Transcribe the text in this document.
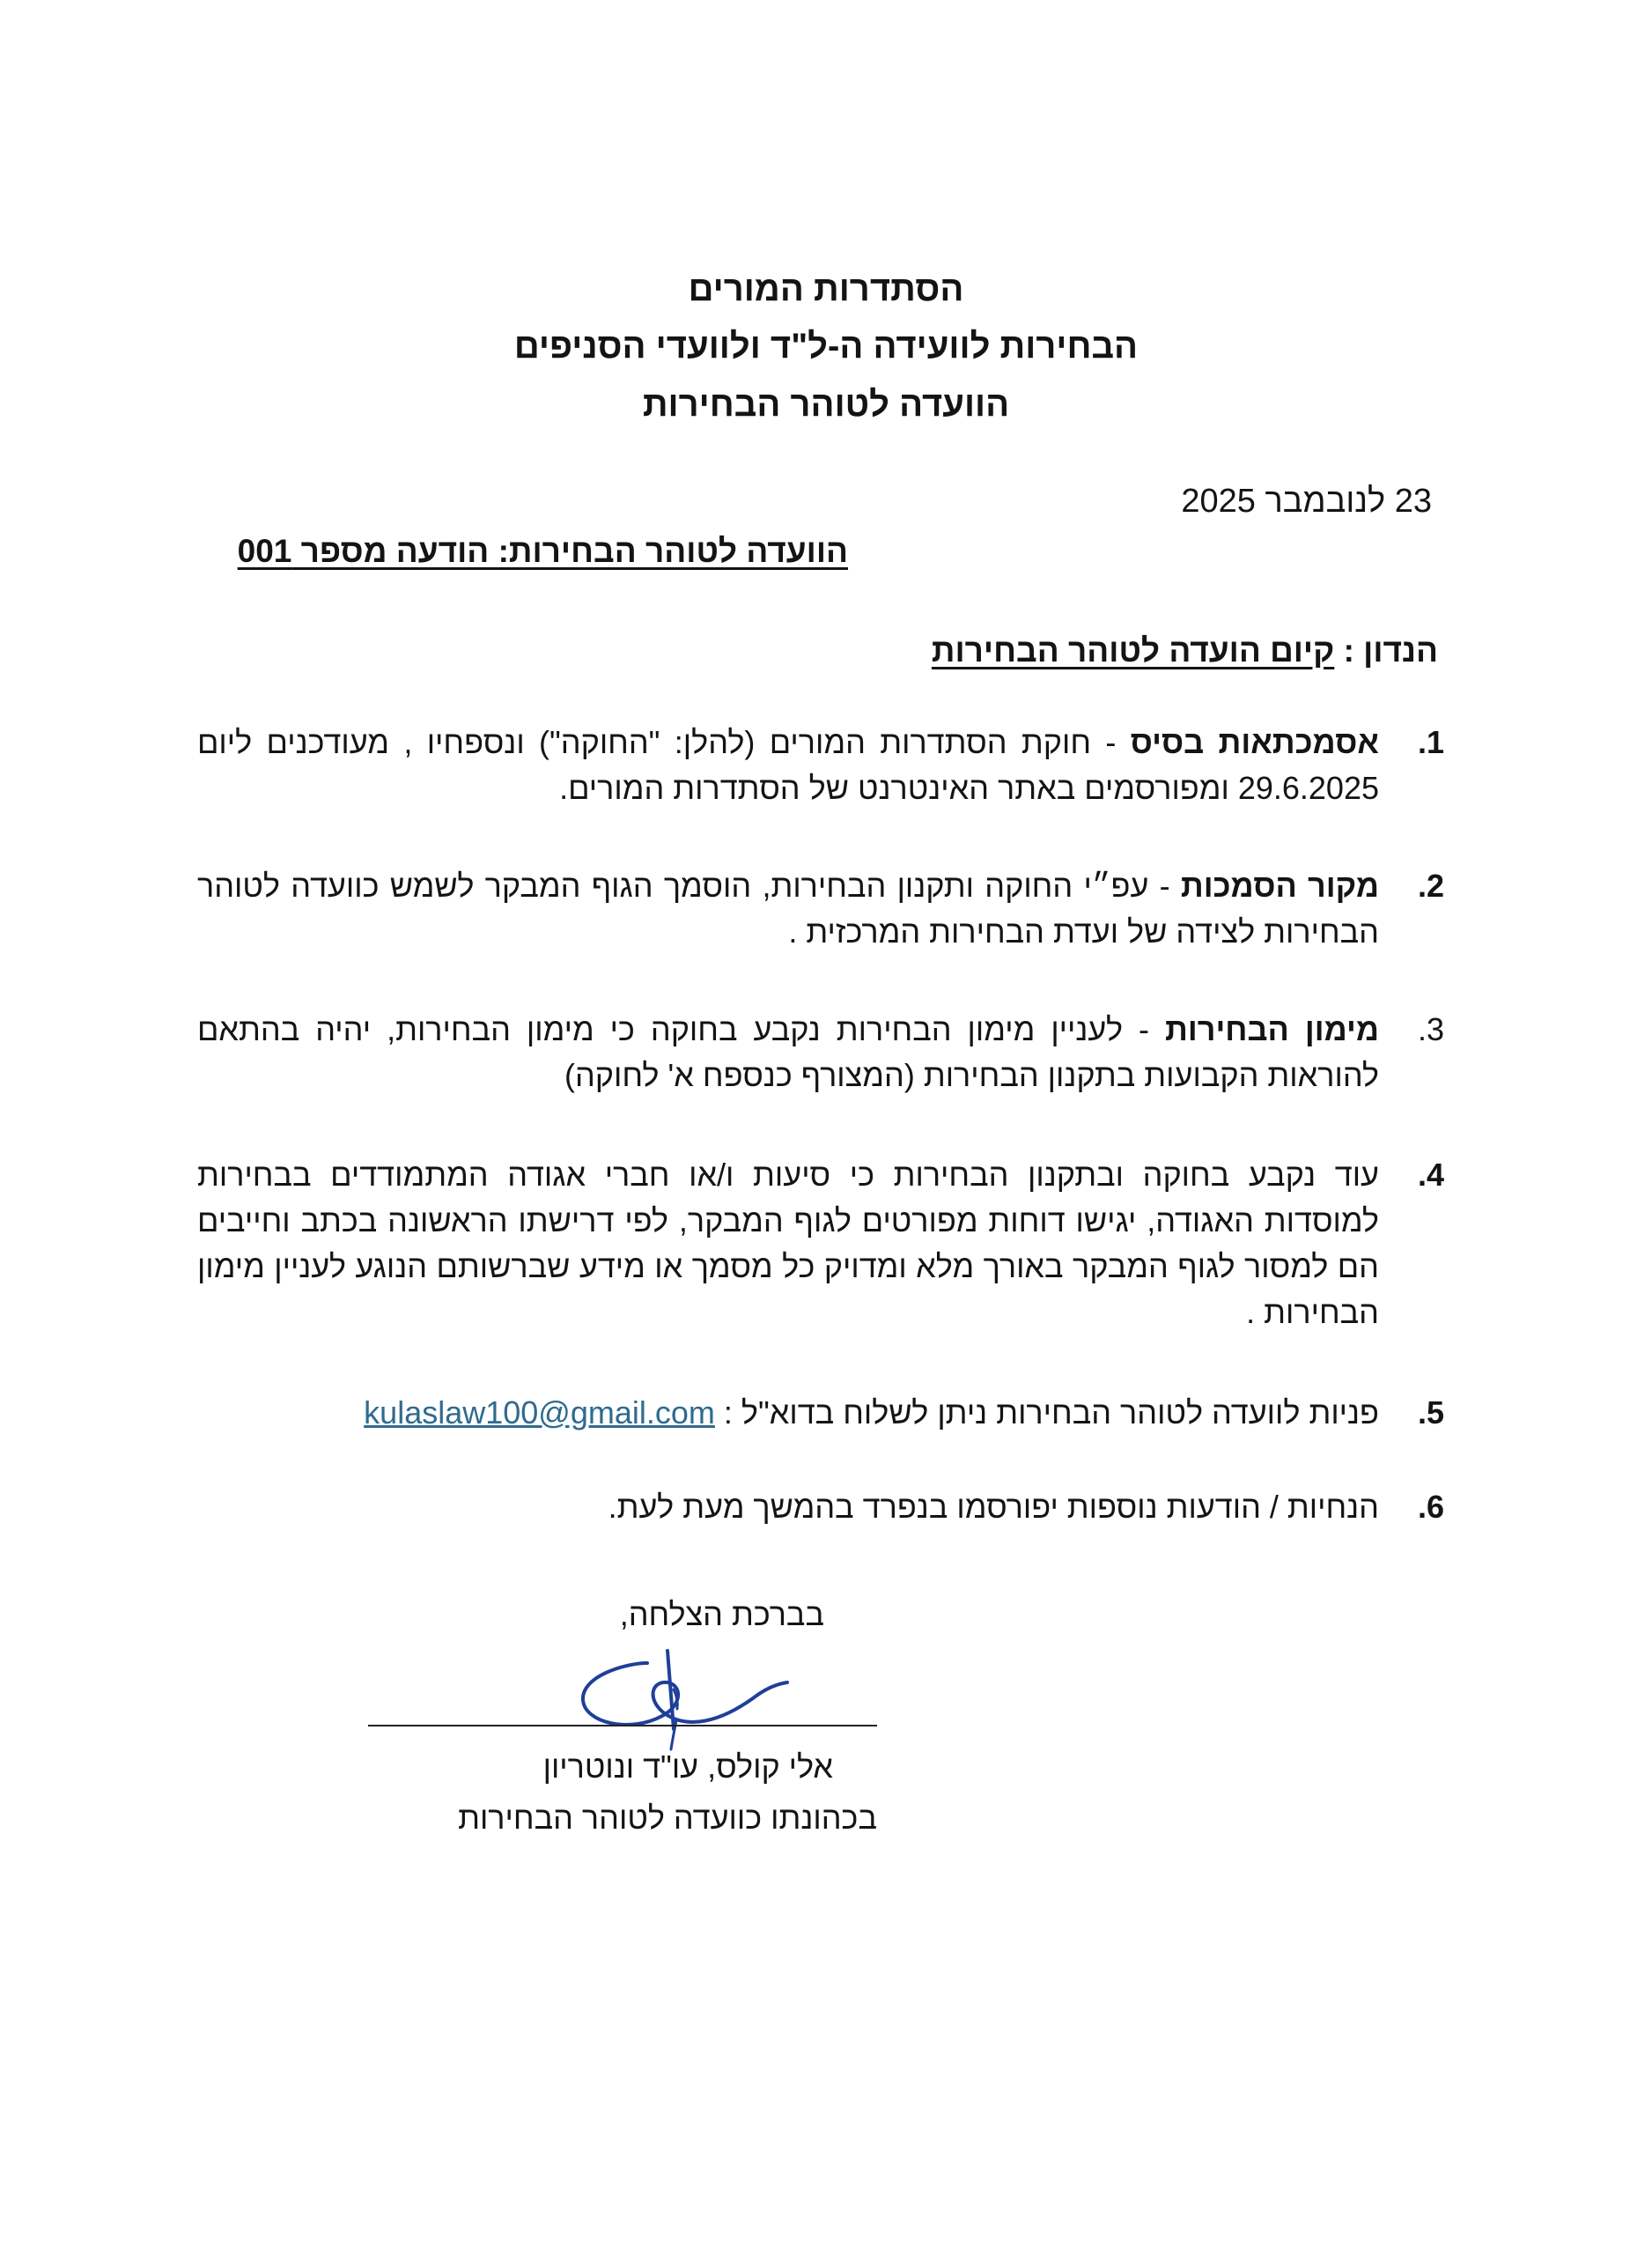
הסתדרות המורים
הבחירות לוועידה ה-ל"ד ולוועדי הסניפים
הוועדה לטוהר הבחירות
23 לנובמבר 2025
הוועדה לטוהר הבחירות: הודעה מספר 001
הנדון : קיום הועדה לטוהר הבחירות
1.
אסמכתאות בסיס - חוקת הסתדרות המורים (להלן: "החוקה") ונספחיו , מעודכנים ליום 29.6.2025 ומפורסמים באתר האינטרנט של הסתדרות המורים.
2.
מקור הסמכות - עפ״י החוקה ותקנון הבחירות, הוסמך הגוף המבקר לשמש כוועדה לטוהר הבחירות לצידה של ועדת הבחירות המרכזית .
3.
מימון הבחירות - לעניין מימון הבחירות נקבע בחוקה כי מימון הבחירות, יהיה בהתאם להוראות הקבועות בתקנון הבחירות (המצורף כנספח א' לחוקה)
4.
עוד נקבע בחוקה ובתקנון הבחירות כי סיעות ו/או חברי אגודה המתמודדים בבחירות למוסדות האגודה, יגישו דוחות מפורטים לגוף המבקר, לפי דרישתו הראשונה בכתב וחייבים הם למסור לגוף המבקר באורך מלא ומדויק כל מסמך או מידע שברשותם הנוגע לעניין מימון הבחירות .
5.
פניות לוועדה לטוהר הבחירות ניתן לשלוח בדוא"ל : kulaslaw100@gmail.com
6.
הנחיות / הודעות נוספות יפורסמו בנפרד בהמשך מעת לעת.
בברכת הצלחה,
אלי קולס, עו"ד ונוטריון
בכהונתו כוועדה לטוהר הבחירות
